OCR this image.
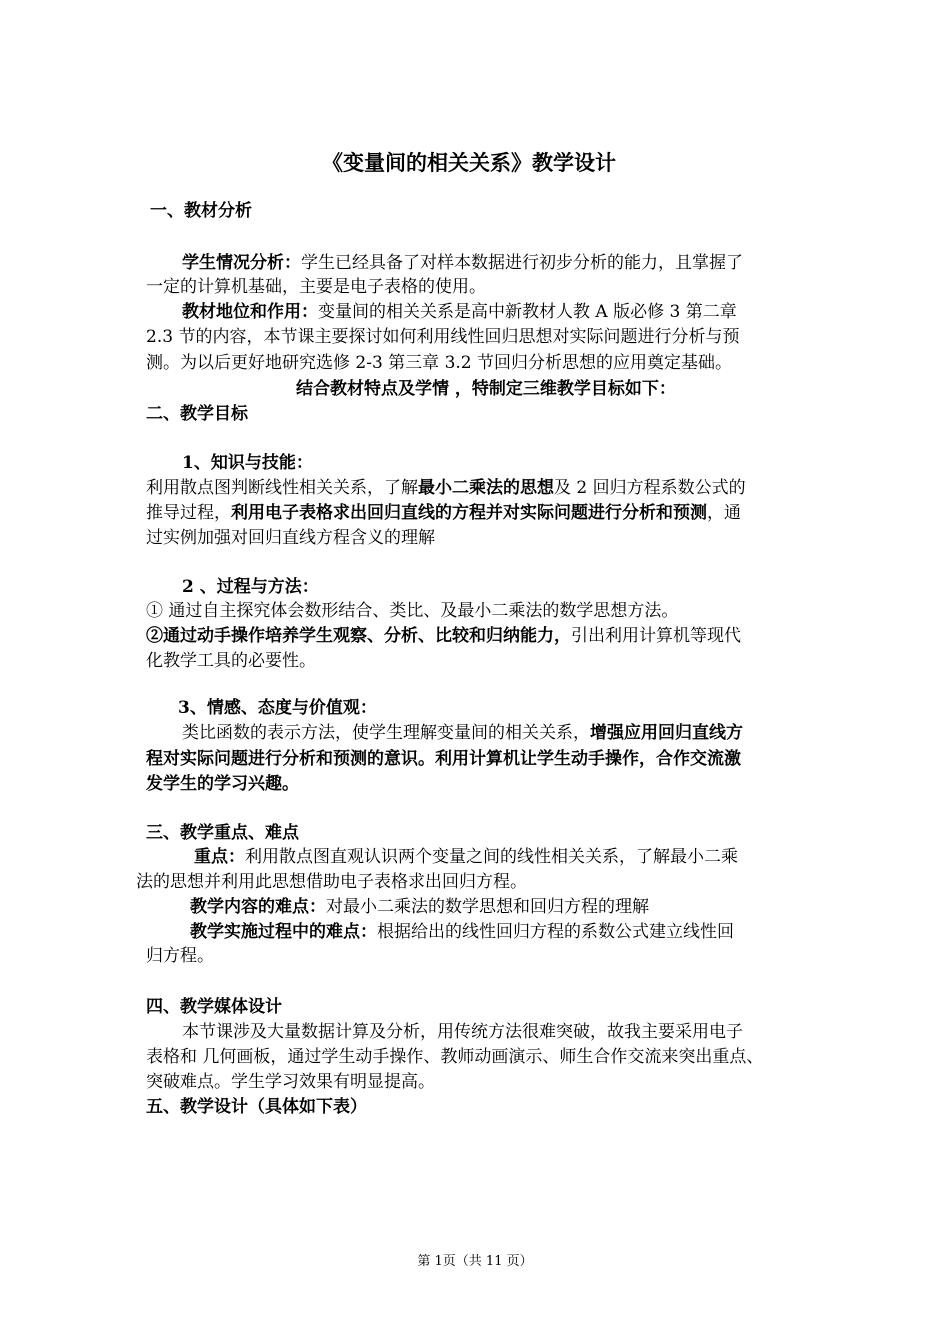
《变量间的相关关系》教学设计
一、教材分析
学生情况分析：学生已经具备了对样本数据进行初步分析的能力，且掌握了
一定的计算机基础，主要是电子表格的使用。
教材地位和作用：变量间的相关关系是高中新教材人教 A 版必修 3 第二章
2.3 节的内容，本节课主要探讨如何利用线性回归思想对实际问题进行分析与预
测。为以后更好地研究选修 2-3 第三章 3.2 节回归分析思想的应用奠定基础。
结合教材特点及学情 ，特制定三维教学目标如下：
二、教学目标
1、知识与技能：
利用散点图判断线性相关关系，了解最小二乘法的思想及 2 回归方程系数公式的
推导过程，利用电子表格求出回归直线的方程并对实际问题进行分析和预测，通
过实例加强对回归直线方程含义的理解
2 、过程与方法：
① 通过自主探究体会数形结合、类比、及最小二乘法的数学思想方法。
②通过动手操作培养学生观察、分析、比较和归纳能力，引出利用计算机等现代
化教学工具的必要性。
3、情感、态度与价值观：
类比函数的表示方法，使学生理解变量间的相关关系，增强应用回归直线方
程对实际问题进行分析和预测的意识。利用计算机让学生动手操作，合作交流激
发学生的学习兴趣。
三、教学重点、难点
重点：利用散点图直观认识两个变量之间的线性相关关系，了解最小二乘
法的思想并利用此思想借助电子表格求出回归方程。
教学内容的难点：对最小二乘法的数学思想和回归方程的理解
教学实施过程中的难点：根据给出的线性回归方程的系数公式建立线性回
归方程。
四、教学媒体设计
本节课涉及大量数据计算及分析，用传统方法很难突破，故我主要采用电子
表格和 几何画板，通过学生动手操作、教师动画演示、师生合作交流来突出重点、
突破难点。学生学习效果有明显提高。
五、教学设计（具体如下表）
第 1页（共 11 页）
